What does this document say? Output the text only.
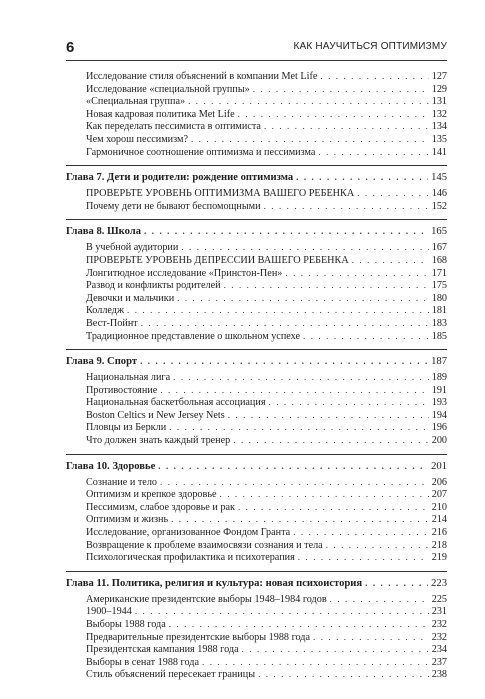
6	КАК НАУЧИТЬСЯ ОПТИМИЗМУ
Исследование стиля объяснений в компании Met Life . . .	127
Исследование «специальной группы» . . .	129
«Специальная группа» . . .	131
Новая кадровая политика Met Life . . .	132
Как переделать пессимиста в оптимиста . . .	134
Чем хорош пессимизм? . . .	135
Гармоничное соотношение оптимизма и пессимизма . . .	141
Глава 7. Дети и родители: рождение оптимизма . . .	145
ПРОВЕРЬТЕ УРОВЕНЬ ОПТИМИЗМА ВАШЕГО РЕБЕНКА . . .	146
Почему дети не бывают беспомощными . . .	152
Глава 8. Школа . . .	165
В учебной аудитории . . .	167
ПРОВЕРЬТЕ УРОВЕНЬ ДЕПРЕССИИ ВАШЕГО РЕБЕНКА . . .	168
Лонгитюдное исследование «Принстон-Пен» . . .	171
Развод и конфликты родителей . . .	175
Девочки и мальчики . . .	180
Колледж . . .	181
Вест-Пойнт . . .	183
Традиционное представление о школьном успехе . . .	185
Глава 9. Спорт . . .	187
Национальная лига . . .	189
Противостояние . . .	191
Национальная баскетбольная ассоциация . . .	193
Boston Celtics и New Jersey Nets . . .	194
Пловцы из Беркли . . .	196
Что должен знать каждый тренер . . .	200
Глава 10. Здоровье . . .	201
Сознание и тело . . .	206
Оптимизм и крепкое здоровье . . .	207
Пессимизм, слабое здоровье и рак . . .	210
Оптимизм и жизнь . . .	214
Исследование, организованное Фондом Гранта . . .	216
Возвращение к проблеме взаимосвязи сознания и тела . . .	218
Психологическая профилактика и психотерапия . . .	219
Глава 11. Политика, религия и культура: новая психоистория . . .	223
Американские президентские выборы 1948–1984 годов . . .	225
1900–1944 . . .	231
Выборы 1988 года . . .	232
Предварительные президентские выборы 1988 года . . .	232
Президентская кампания 1988 года . . .	234
Выборы в сенат 1988 года . . .	237
Стиль объяснений пересекает границы . . .	238
